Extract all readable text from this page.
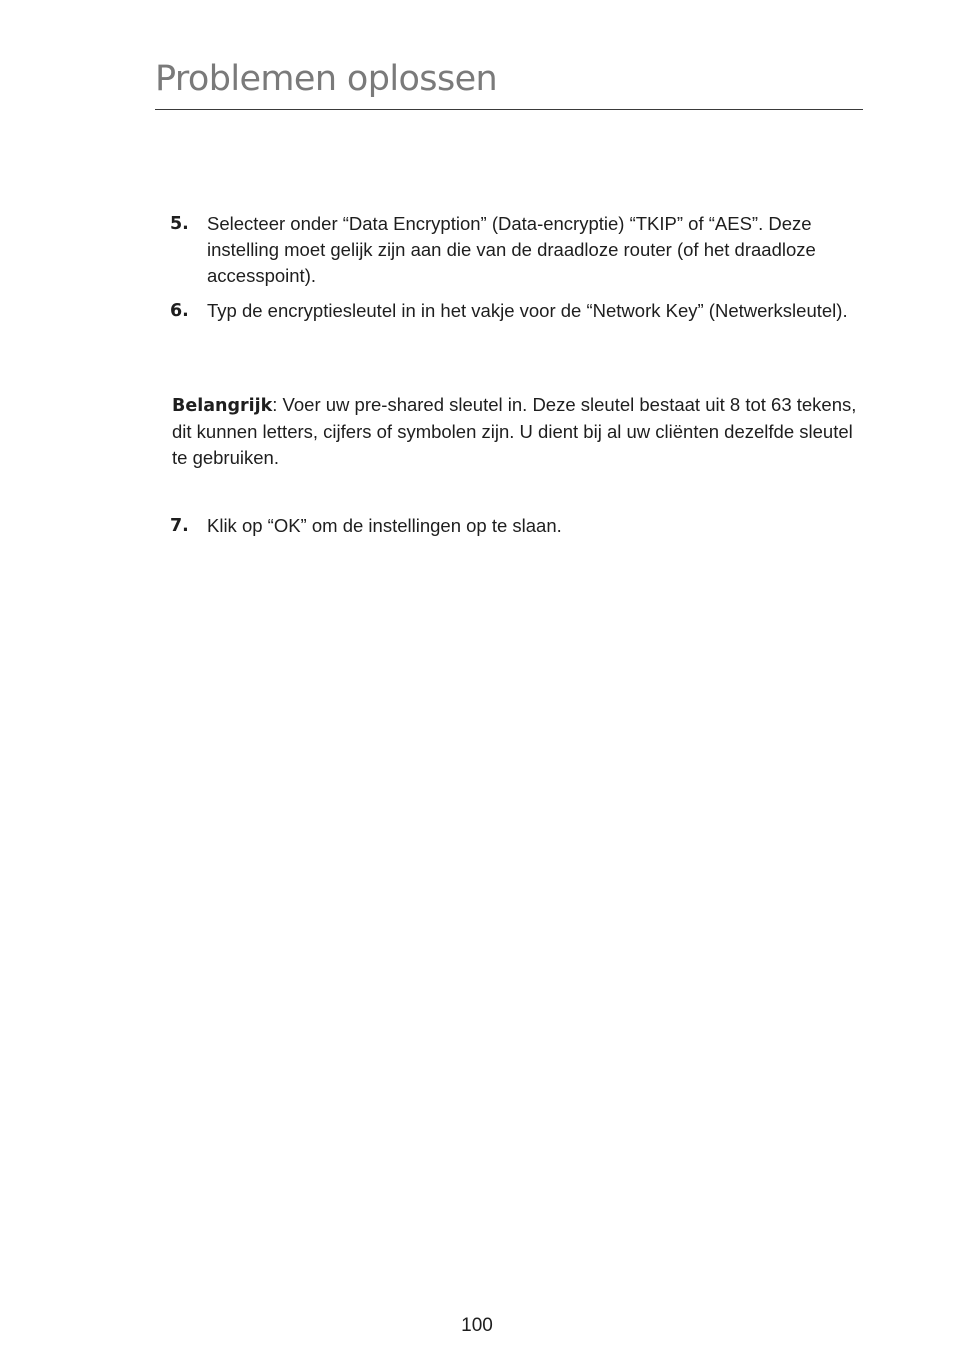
Problemen oplossen
5. Selecteer onder “Data Encryption” (Data-encryptie) “TKIP” of “AES”. Deze instelling moet gelijk zijn aan die van de draadloze router (of het draadloze accesspoint).
6. Typ de encryptiesleutel in in het vakje voor de “Network Key” (Netwerksleutel).

Belangrijk: Voer uw pre-shared sleutel in. Deze sleutel bestaat uit 8 tot 63 tekens, dit kunnen letters, cijfers of symbolen zijn. U dient bij al uw cliënten dezelfde sleutel te gebruiken.

7. Klik op “OK” om de instellingen op te slaan.
100
